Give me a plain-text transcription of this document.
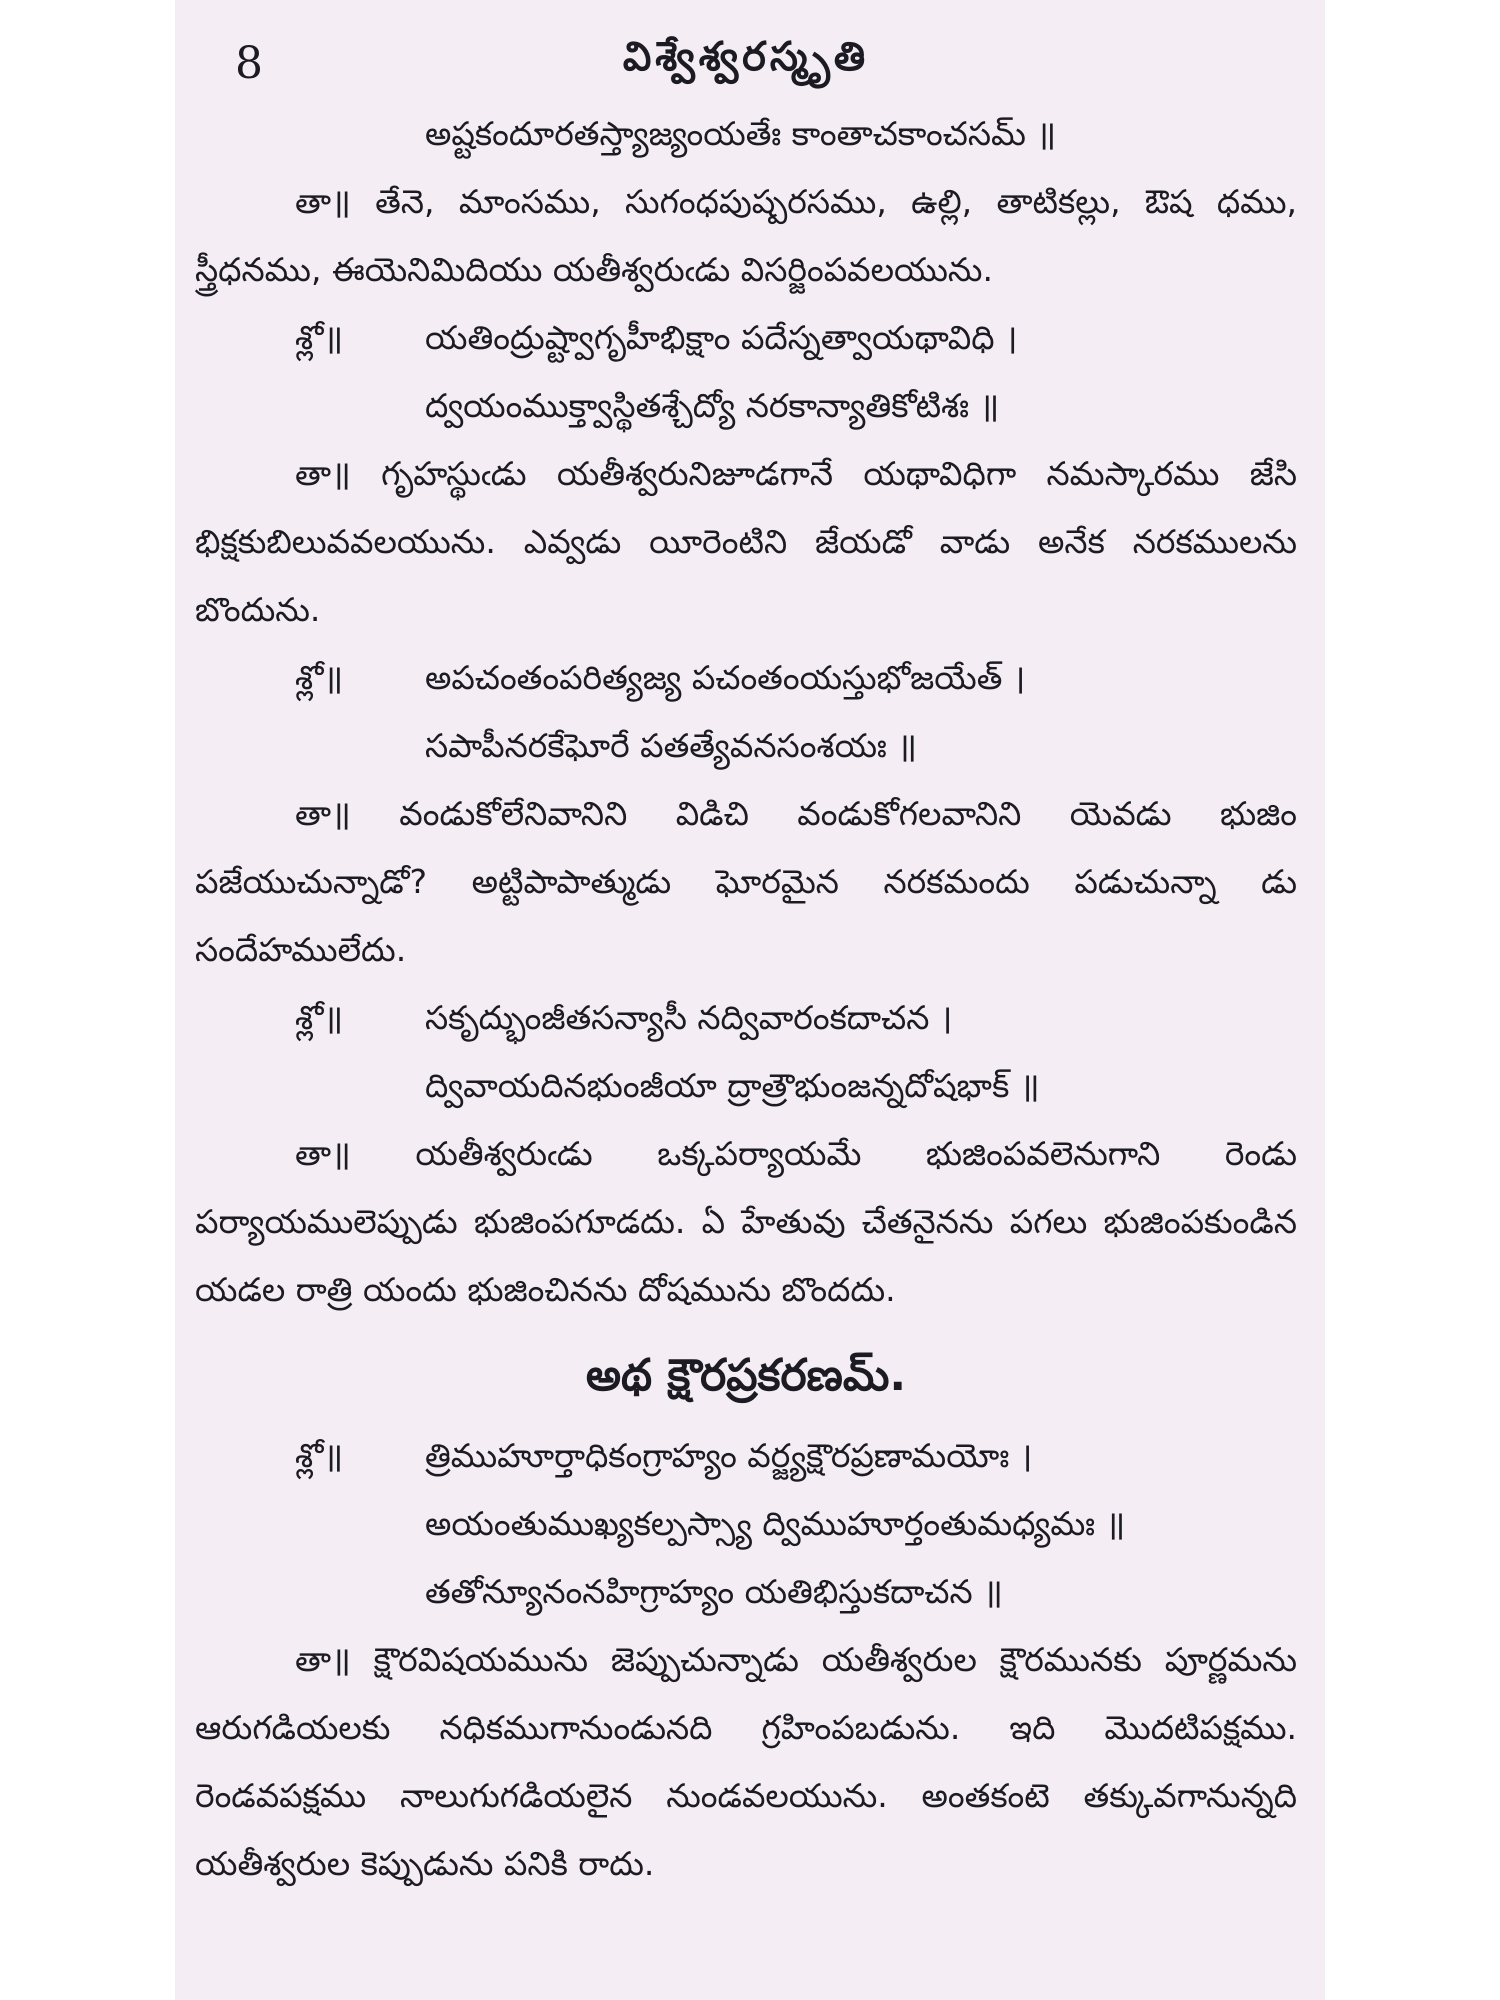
8	విశ్వేశ్వరస్మృతి
అష్టకందూరతస్త్యాజ్యంయతేః కాంతాచకాంచసమ్ ॥

తా॥ తేనె, మాంసము, సుగంధపుష్పరసము, ఉల్లి, తాటికల్లు, ఔష ధము, స్త్రీధనము, ఈయెనిమిదియు యతీశ్వరుఁడు విసర్జింపవలయును.

శ్లో॥ యతింద్రుష్ట్వాగృహీభిక్షాం పదేస్నత్వాయథావిధి ।
ద్వయంముక్త్వాస్థితశ్చేద్యో నరకాన్యాతికోటిశః ॥

తా॥ గృహస్థుఁడు యతీశ్వరునిజూడగానే యథావిధిగా నమస్కారము జేసి భిక్షకుబిలువవలయును. ఎవ్వడు యీరెంటిని జేయడో వాడు అనేక నరకములను బొందును.

శ్లో॥ అపచంతంపరిత్యజ్య పచంతంయస్తుభోజయేత్ ।
సపాపీనరకేఘోరే పతత్యేవనసంశయః ॥

తా॥ వండుకోలేనివానిని విడిచి వండుకోగలవానిని యెవడు భుజిం పజేయుచున్నాడో? అట్టిపాపాత్ముడు ఘోరమైన నరకమందు పడుచున్నా డు సందేహములేదు.

శ్లో॥ సకృద్భుంజీతసన్యాసీ నద్వివారంకదాచన ।
ద్వివాయదినభుంజీయా ద్రాత్రౌభుంజన్నదోషభాక్ ॥

తా॥ యతీశ్వరుఁడు ఒక్కపర్యాయమే భుజింపవలెనుగాని రెండు పర్యాయములెప్పుడు భుజింపగూడదు. ఏ హేతువు చేతనైనను పగలు భుజింపకుండిన యడల రాత్రి యందు భుజించినను దోషమును బొందదు.

అథ క్షౌరప్రకరణమ్.
శ్లో॥ త్రిముహూర్తాధికంగ్రాహ్యం వర్జ్యక్షౌరప్రణామయోః ।
అయంతుముఖ్యకల్పస్స్యా ద్విముహూర్తంతుమధ్యమః ॥
తతోన్యూనంనహిగ్రాహ్యం యతిభిస్తుకదాచన ॥

తా॥ క్షౌరవిషయమును జెప్పుచున్నాడు యతీశ్వరుల క్షౌరమునకు పూర్ణమను ఆరుగడియలకు నధికముగానుండునది గ్రహింపబడును. ఇది మొదటిపక్షము. రెండవపక్షము నాలుగుగడియలైన నుండవలయును. అంతకంటె తక్కువగానున్నది యతీశ్వరుల కెప్పుడును పనికి రాదు.
